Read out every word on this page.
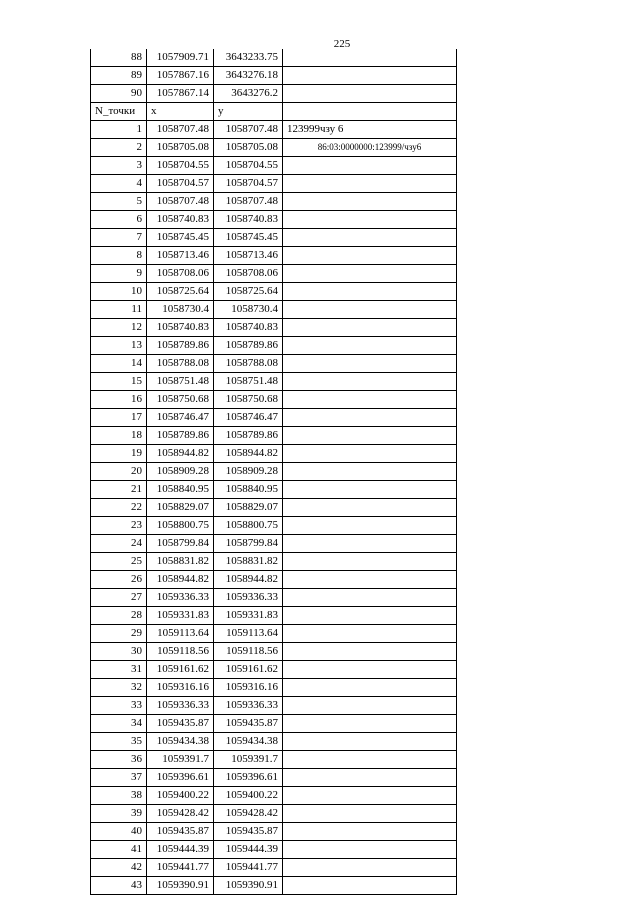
225
88	1057909.71	3643233.75	
89	1057867.16	3643276.18	
90	1057867.14	3643276.2	
N_точки	x	y	
1	1058707.48	1058707.48	123999чзу 6
2	1058705.08	1058705.08	86:03:0000000:123999/чзу6
3	1058704.55	1058704.55	
4	1058704.57	1058704.57	
5	1058707.48	1058707.48	
6	1058740.83	1058740.83	
7	1058745.45	1058745.45	
8	1058713.46	1058713.46	
9	1058708.06	1058708.06	
10	1058725.64	1058725.64	
11	1058730.4	1058730.4	
12	1058740.83	1058740.83	
13	1058789.86	1058789.86	
14	1058788.08	1058788.08	
15	1058751.48	1058751.48	
16	1058750.68	1058750.68	
17	1058746.47	1058746.47	
18	1058789.86	1058789.86	
19	1058944.82	1058944.82	
20	1058909.28	1058909.28	
21	1058840.95	1058840.95	
22	1058829.07	1058829.07	
23	1058800.75	1058800.75	
24	1058799.84	1058799.84	
25	1058831.82	1058831.82	
26	1058944.82	1058944.82	
27	1059336.33	1059336.33	
28	1059331.83	1059331.83	
29	1059113.64	1059113.64	
30	1059118.56	1059118.56	
31	1059161.62	1059161.62	
32	1059316.16	1059316.16	
33	1059336.33	1059336.33	
34	1059435.87	1059435.87	
35	1059434.38	1059434.38	
36	1059391.7	1059391.7	
37	1059396.61	1059396.61	
38	1059400.22	1059400.22	
39	1059428.42	1059428.42	
40	1059435.87	1059435.87	
41	1059444.39	1059444.39	
42	1059441.77	1059441.77	
43	1059390.91	1059390.91	
